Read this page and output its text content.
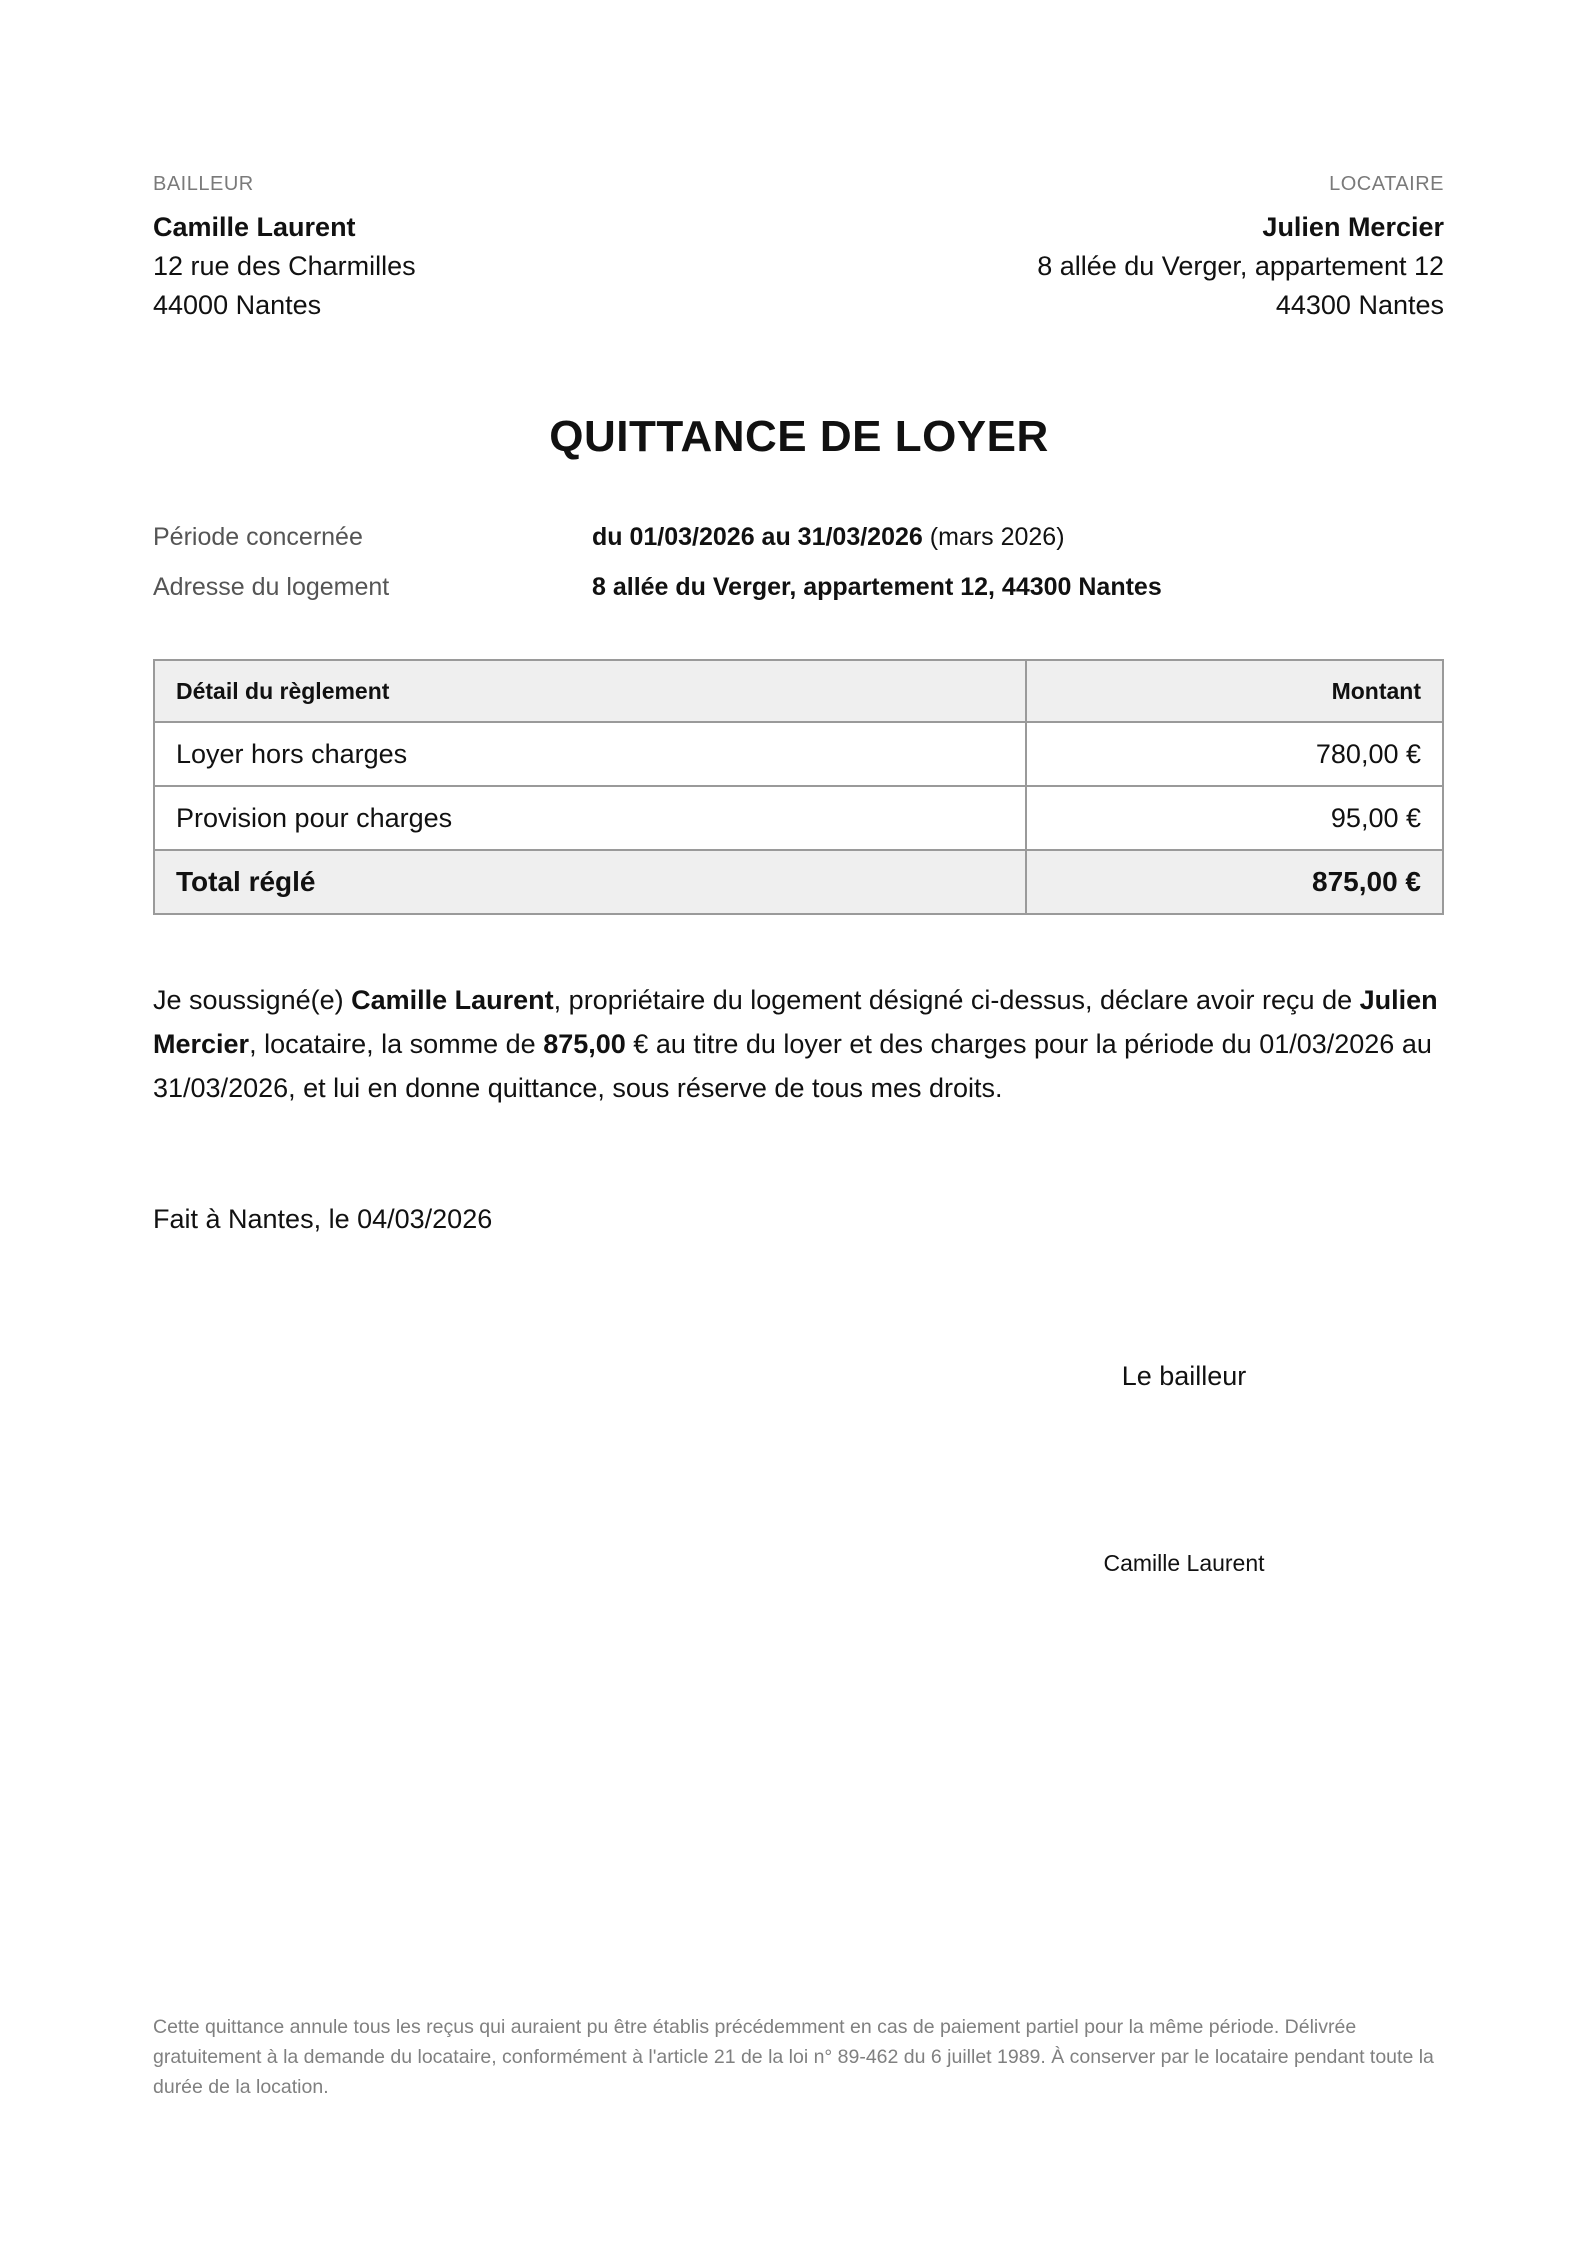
BAILLEUR
Camille Laurent
12 rue des Charmilles
44000 Nantes
LOCATAIRE
Julien Mercier
8 allée du Verger, appartement 12
44300 Nantes
QUITTANCE DE LOYER
Période concernée	du 01/03/2026 au 31/03/2026 (mars 2026)
Adresse du logement	8 allée du Verger, appartement 12, 44300 Nantes
Détail du règlement	Montant
Loyer hors charges	780,00 €
Provision pour charges	95,00 €
Total réglé	875,00 €

Je soussigné(e) Camille Laurent, propriétaire du logement désigné ci-dessus, déclare avoir reçu de Julien Mercier, locataire, la somme de 875,00 € au titre du loyer et des charges pour la période du 01/03/2026 au 31/03/2026, et lui en donne quittance, sous réserve de tous mes droits.

Fait à Nantes, le 04/03/2026
Le bailleur
Camille Laurent

Cette quittance annule tous les reçus qui auraient pu être établis précédemment en cas de paiement partiel pour la même période. Délivrée gratuitement à la demande du locataire, conformément à l'article 21 de la loi n° 89-462 du 6 juillet 1989. À conserver par le locataire pendant toute la durée de la location.
